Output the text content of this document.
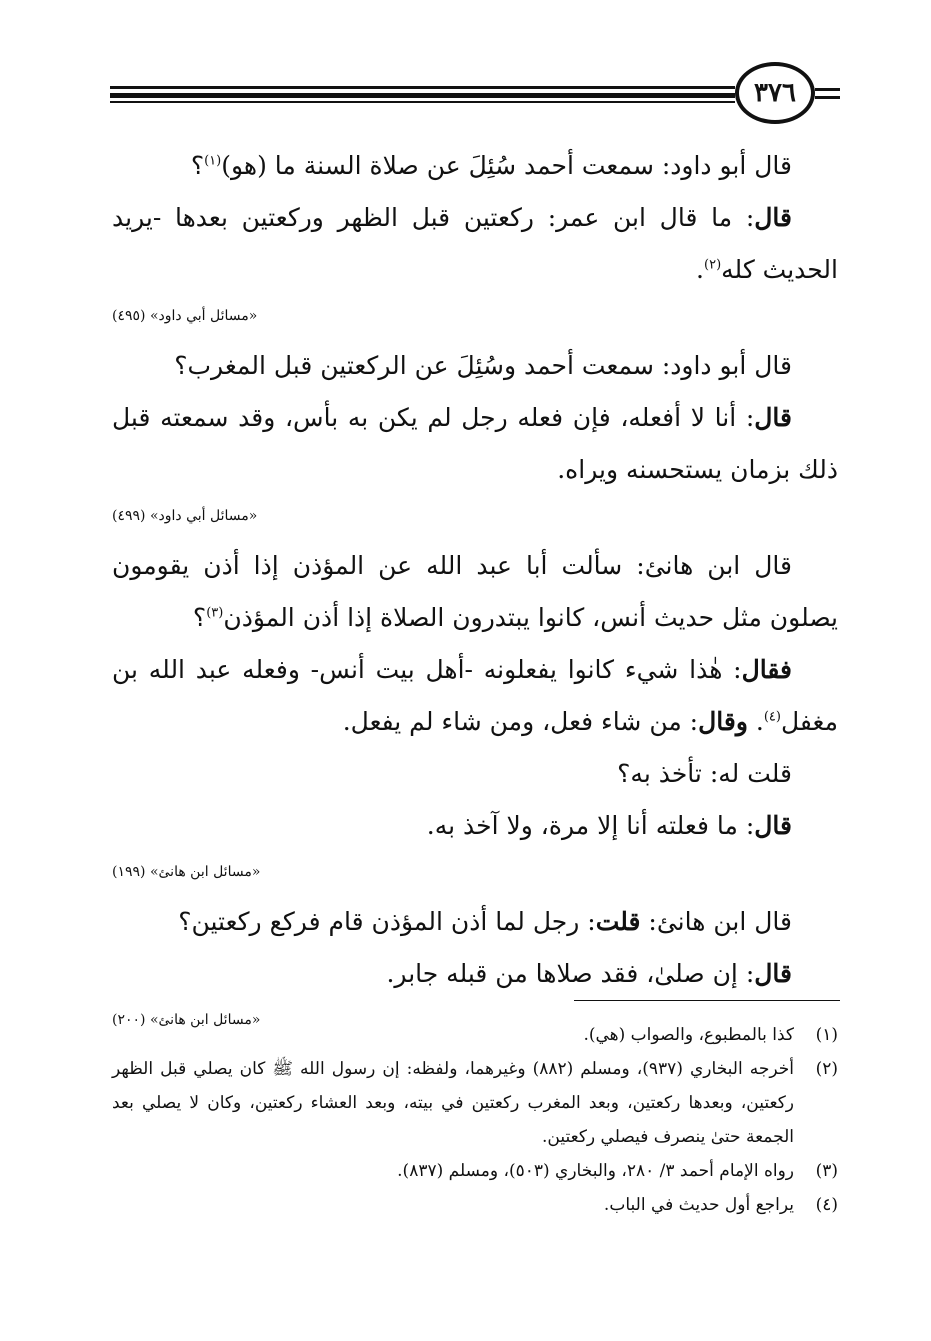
٣٧٦
قال أبو داود: سمعت أحمد سُئِلَ عن صلاة السنة ما (هو)$^{(١)}$؟
قال: ما قال ابن عمر: ركعتين قبل الظهر وركعتين بعدها -يريد الحديث كله$^{(٢)}$.
«مسائل أبي داود» (٤٩٥)
قال أبو داود: سمعت أحمد وسُئِلَ عن الركعتين قبل المغرب؟
قال: أنا لا أفعله، فإن فعله رجل لم يكن به بأس، وقد سمعته قبل ذلك بزمان يستحسنه ويراه.
«مسائل أبي داود» (٤٩٩)
قال ابن هانئ: سألت أبا عبد الله عن المؤذن إذا أذن يقومون يصلون مثل حديث أنس، كانوا يبتدرون الصلاة إذا أذن المؤذن$^{(٣)}$؟
فقال: هٰذا شيء كانوا يفعلونه -أهل بيت أنس- وفعله عبد الله بن مغفل$^{(٤)}$. وقال: من شاء فعل، ومن شاء لم يفعل.
قلت له: تأخذ به؟
قال: ما فعلته أنا إلا مرة، ولا آخذ به.
«مسائل ابن هانئ» (١٩٩)
قال ابن هانئ: قلت: رجل لما أذن المؤذن قام فركع ركعتين؟
قال: إن صلىٰ، فقد صلاها من قبله جابر.
«مسائل ابن هانئ» (٢٠٠)
(١)
كذا بالمطبوع، والصواب (هي).
(٢)
أخرجه البخاري (٩٣٧)، ومسلم (٨٨٢) وغيرهما، ولفظه: إن رسول الله ﷺ كان يصلي قبل الظهر ركعتين، وبعدها ركعتين، وبعد المغرب ركعتين في بيته، وبعد العشاء ركعتين، وكان لا يصلي بعد الجمعة حتىٰ ينصرف فيصلي ركعتين.
(٣)
رواه الإمام أحمد ٣/ ٢٨٠، والبخاري (٥٠٣)، ومسلم (٨٣٧).
(٤)
يراجع أول حديث في الباب.
